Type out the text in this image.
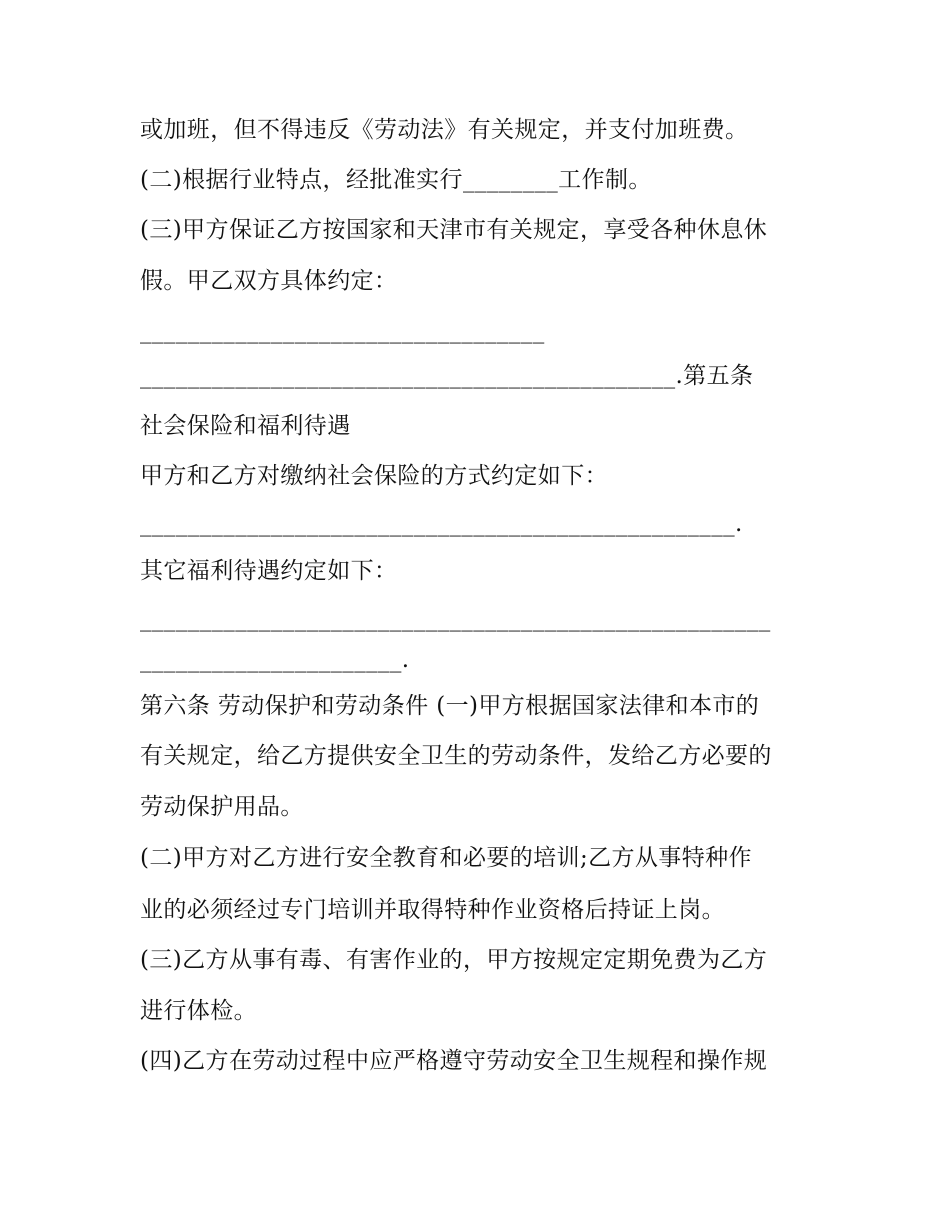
或加班，但不得违反《劳动法》有关规定，并支付加班费。
(二)根据行业特点，经批准实行________工作制。
(三)甲方保证乙方按国家和天津市有关规定，享受各种休息休
假。甲乙双方具体约定：
__________________________________
_____________________________________________.第五条
社会保险和福利待遇
甲方和乙方对缴纳社会保险的方式约定如下：
__________________________________________________.
其它福利待遇约定如下：
_____________________________________________________
______________________.
第六条 劳动保护和劳动条件 (一)甲方根据国家法律和本市的
有关规定，给乙方提供安全卫生的劳动条件，发给乙方必要的
劳动保护用品。
(二)甲方对乙方进行安全教育和必要的培训;乙方从事特种作
业的必须经过专门培训并取得特种作业资格后持证上岗。
(三)乙方从事有毒、有害作业的，甲方按规定定期免费为乙方
进行体检。
(四)乙方在劳动过程中应严格遵守劳动安全卫生规程和操作规
